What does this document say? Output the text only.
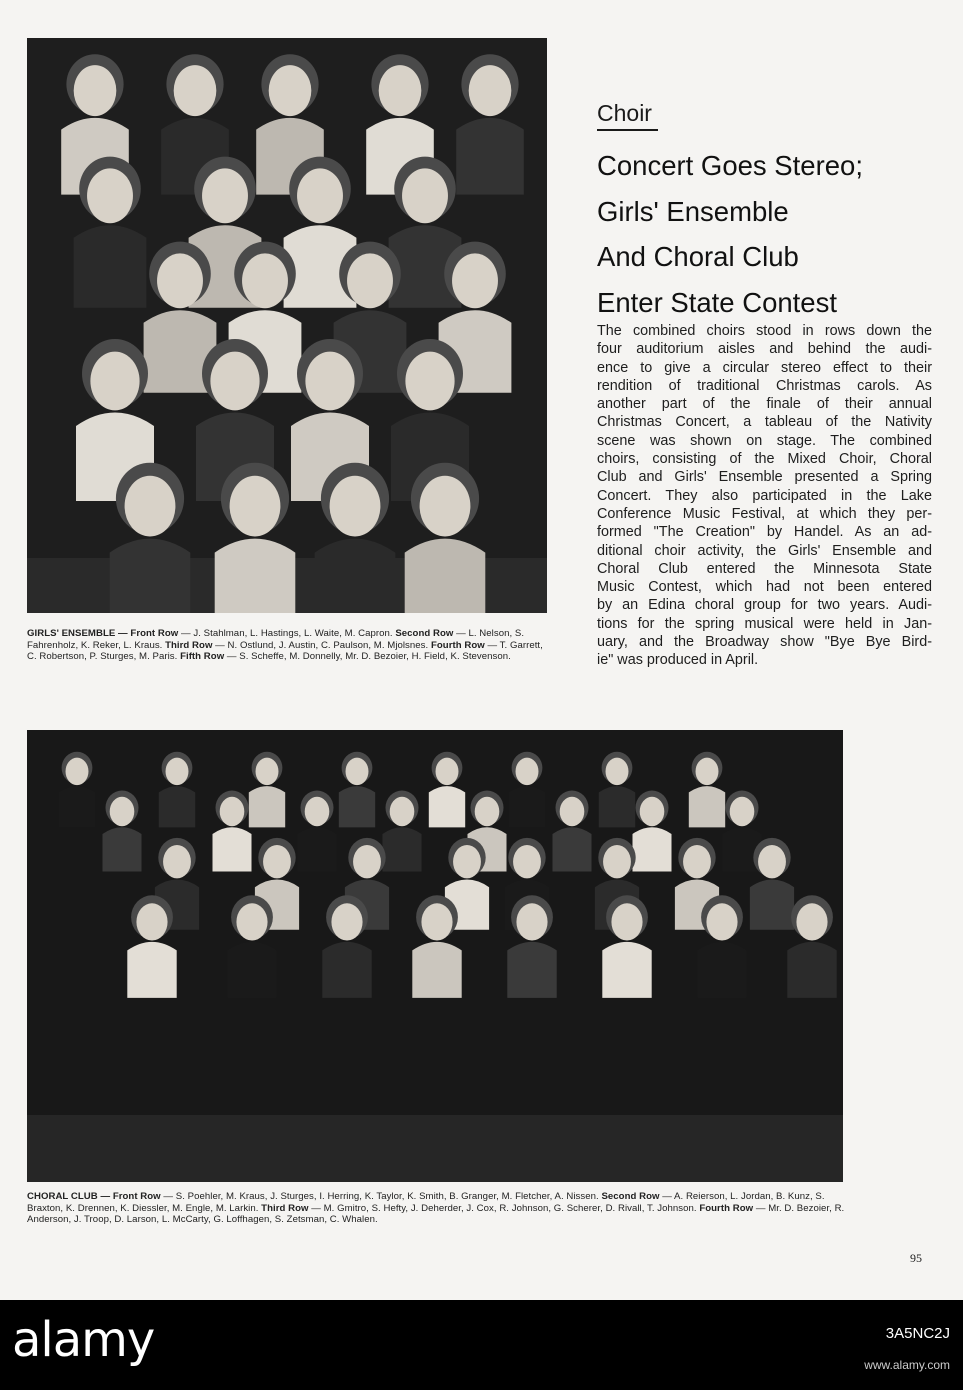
GIRLS' ENSEMBLE — Front Row — J. Stahlman, L. Hastings, L. Waite, M. Capron. Second Row — L. Nelson, S. Fahrenholz, K. Reker, L. Kraus. Third Row — N. Ostlund, J. Austin, C. Paulson, M. Mjolsnes. Fourth Row — T. Garrett, C. Robertson, P. Sturges, M. Paris. Fifth Row — S. Scheffe, M. Donnelly, Mr. D. Bezoier, H. Field, K. Stevenson.
Choir
Concert Goes Stereo;
Girls' Ensemble
And Choral Club
Enter State Contest

The combined choirs stood in rows down the
four auditorium aisles and behind the audi-
ence to give a circular stereo effect to their
rendition of traditional Christmas carols. As
another part of the finale of their annual
Christmas Concert, a tableau of the Nativity
scene was shown on stage. The combined
choirs, consisting of the Mixed Choir, Choral
Club and Girls' Ensemble presented a Spring
Concert. They also participated in the Lake
Conference Music Festival, at which they per-
formed "The Creation" by Handel. As an ad-
ditional choir activity, the Girls' Ensemble and
Choral Club entered the Minnesota State
Music Contest, which had not been entered
by an Edina choral group for two years. Audi-
tions for the spring musical were held in Jan-
uary, and the Broadway show "Bye Bye Bird-
ie" was produced in April.

CHORAL CLUB — Front Row — S. Poehler, M. Kraus, J. Sturges, I. Herring, K. Taylor, K. Smith, B. Granger, M. Fletcher, A. Nissen. Second Row — A. Reierson, L. Jordan, B. Kunz, S. Braxton, K. Drennen, K. Diessler, M. Engle, M. Larkin. Third Row — M. Gmitro, S. Hefty, J. Deherder, J. Cox, R. Johnson, G. Scherer, D. Rivall, T. Johnson. Fourth Row — Mr. D. Bezoier, R. Anderson, J. Troop, D. Larson, L. McCarty, G. Loffhagen, S. Zetsman, C. Whalen.
95
alamy	3A5NC2J
www.alamy.com
